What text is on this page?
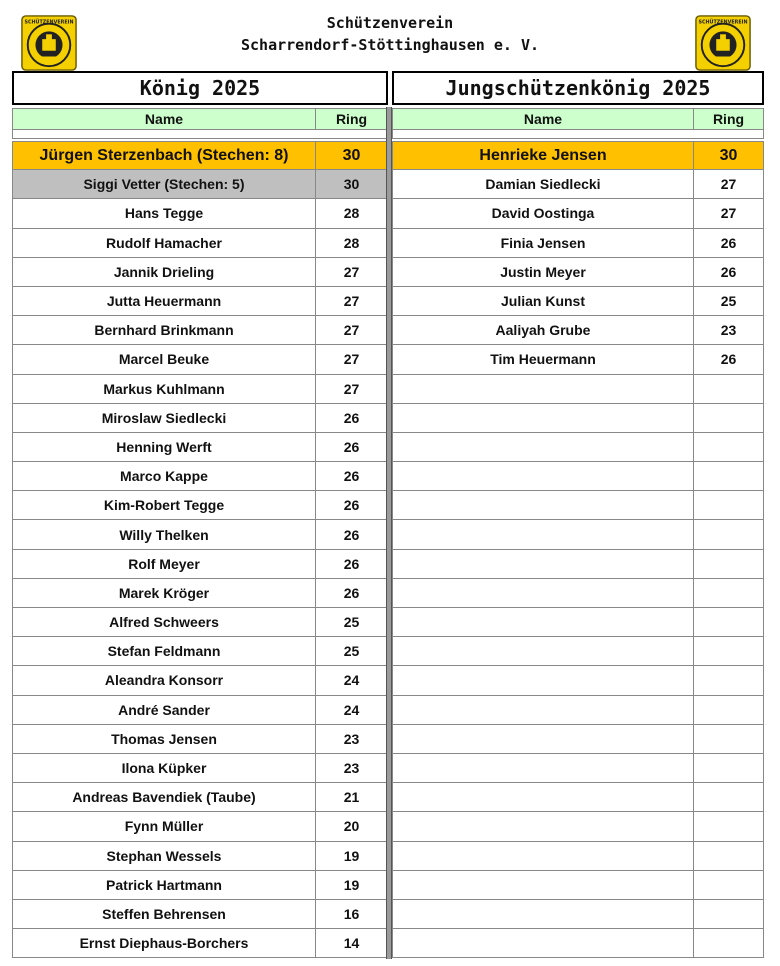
Schützenverein
Scharrendorf-Stöttinghausen e. V.
SCHÜTZENVEREIN	SCHÜTZENVEREIN
König 2025
Name	Ring
Jürgen Sterzenbach (Stechen: 8)	30
Siggi Vetter (Stechen: 5)	30
Hans Tegge	28
Rudolf Hamacher	28
Jannik Drieling	27
Jutta Heuermann	27
Bernhard Brinkmann	27
Marcel Beuke	27
Markus Kuhlmann	27
Miroslaw Siedlecki	26
Henning Werft	26
Marco Kappe	26
Kim-Robert Tegge	26
Willy Thelken	26
Rolf Meyer	26
Marek Kröger	26
Alfred Schweers	25
Stefan Feldmann	25
Aleandra Konsorr	24
André Sander	24
Thomas Jensen	23
Ilona Küpker	23
Andreas Bavendiek (Taube)	21
Fynn Müller	20
Stephan Wessels	19
Patrick Hartmann	19
Steffen Behrensen	16
Ernst Diephaus-Borchers	14
Jungschützenkönig 2025
Name	Ring
Henrieke Jensen	30
Damian Siedlecki	27
David Oostinga	27
Finia Jensen	26
Justin Meyer	26
Julian Kunst	25
Aaliyah Grube	23
Tim Heuermann	26
